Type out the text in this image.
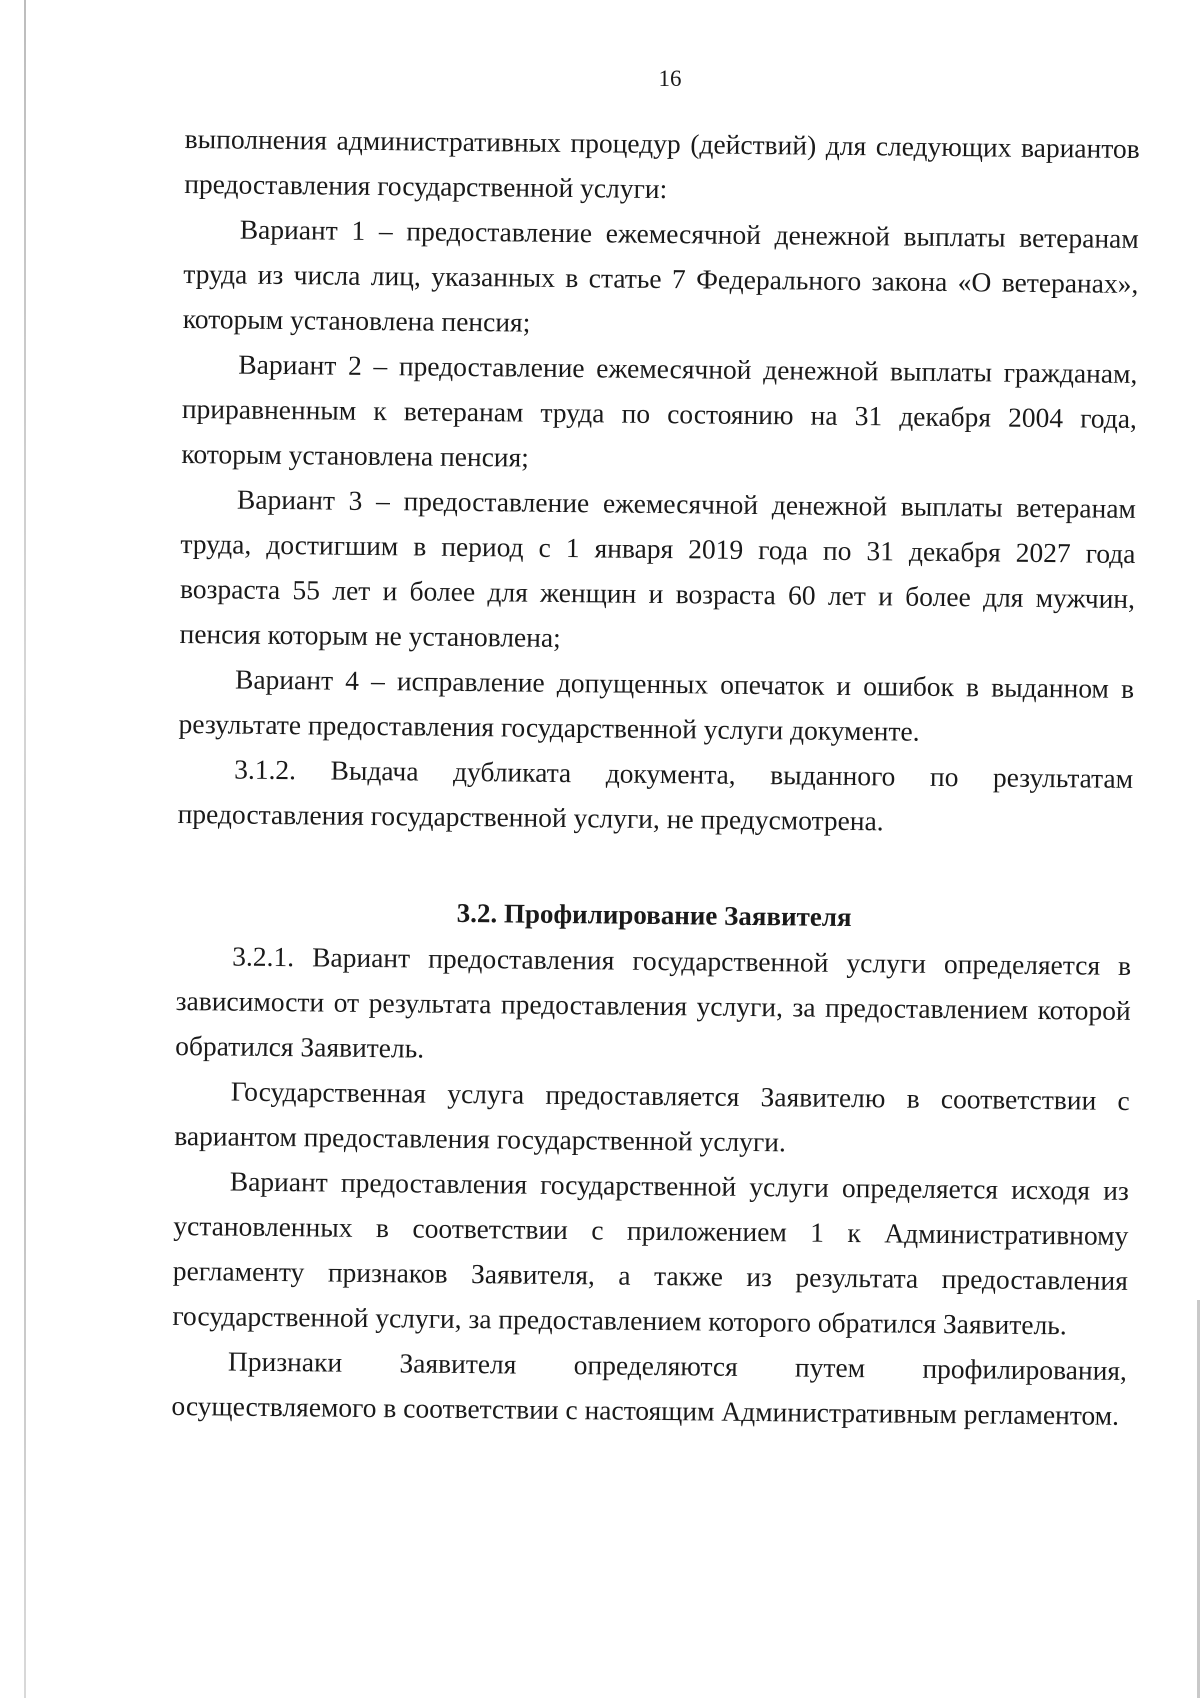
16

выполнения административных процедур (действий) для следующих вариантов предоставления государственной услуги:

Вариант 1 – предоставление ежемесячной денежной выплаты ветеранам труда из числа лиц, указанных в статье 7 Федерального закона «О ветеранах», которым установлена пенсия;

Вариант 2 – предоставление ежемесячной денежной выплаты гражданам, приравненным к ветеранам труда по состоянию на 31 декабря 2004 года, которым установлена пенсия;

Вариант 3 – предоставление ежемесячной денежной выплаты ветеранам труда, достигшим в период с 1 января 2019 года по 31 декабря 2027 года возраста 55 лет и более для женщин и возраста 60 лет и более для мужчин, пенсия которым не установлена;

Вариант 4 – исправление допущенных опечаток и ошибок в выданном в результате предоставления государственной услуги документе.

3.1.2. Выдача дубликата документа, выданного по результатам предоставления государственной услуги, не предусмотрена.

3.2. Профилирование Заявителя

3.2.1. Вариант предоставления государственной услуги определяется в зависимости от результата предоставления услуги, за предоставлением которой обратился Заявитель.

Государственная услуга предоставляется Заявителю в соответствии с вариантом предоставления государственной услуги.

Вариант предоставления государственной услуги определяется исходя из установленных в соответствии с приложением 1 к Административному регламенту признаков Заявителя, а также из результата предоставления государственной услуги, за предоставлением которого обратился Заявитель.

Признаки Заявителя определяются путем профилирования, осуществляемого в соответствии с настоящим Административным регламентом.
